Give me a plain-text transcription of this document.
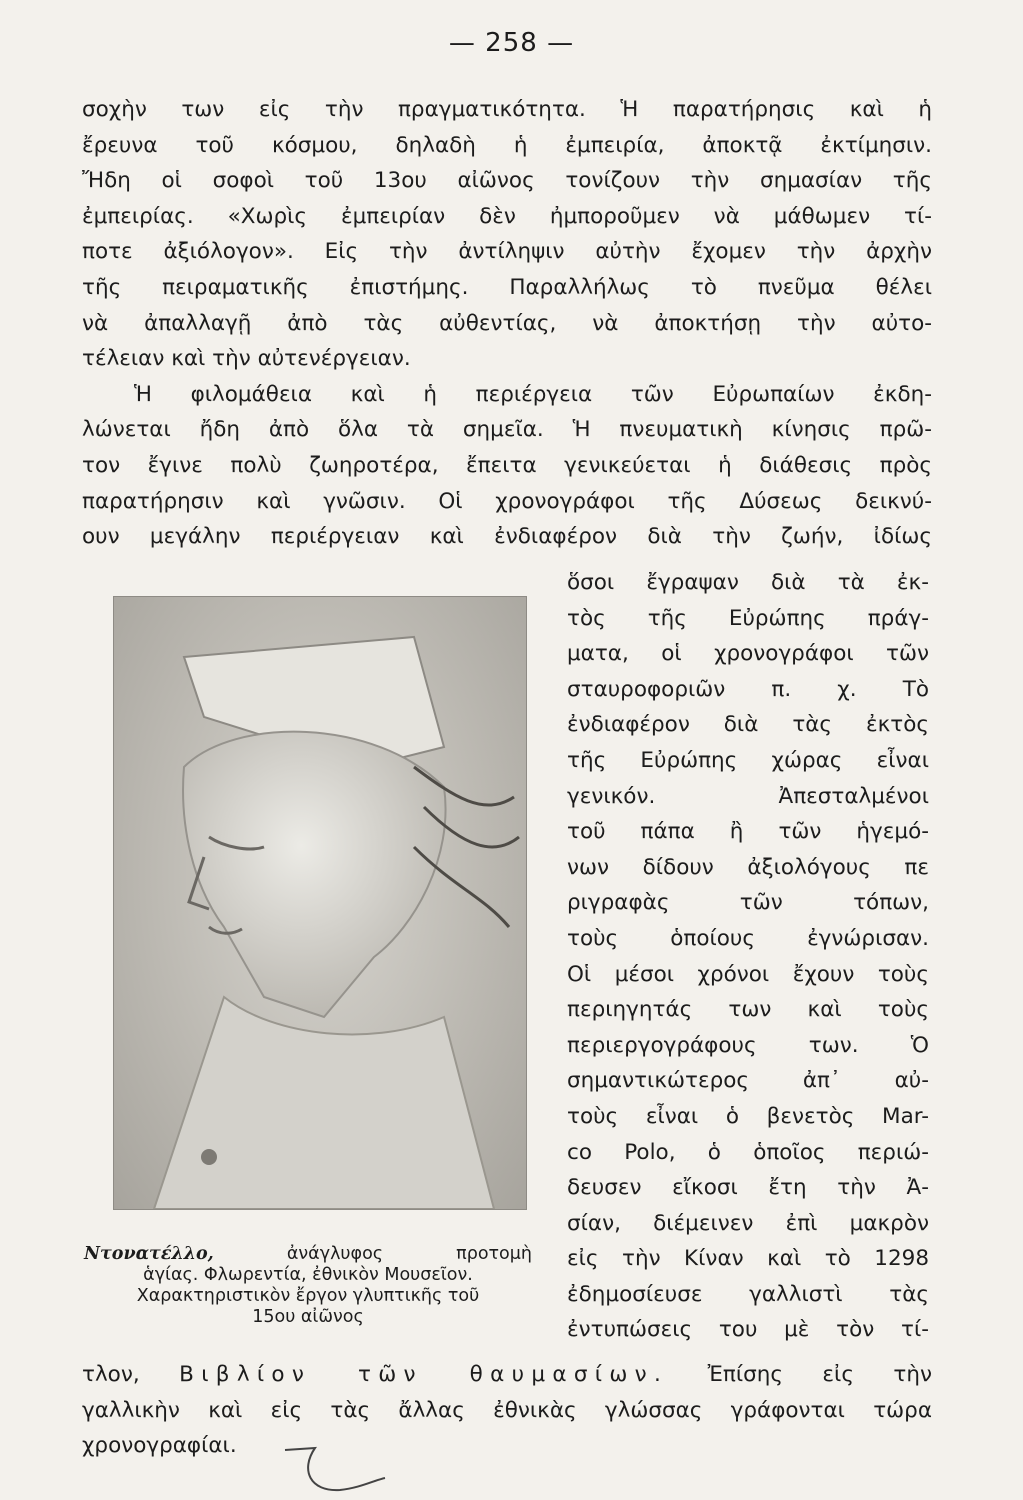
— 258 —
σοχὴν των εἰς τὴν πραγματικότητα. Ἡ παρατήρησις καὶ ἡ
ἔρευνα τοῦ κόσμου, δηλαδὴ ἡ ἐμπειρία, ἀποκτᾷ ἐκτίμησιν.
Ἤδη οἱ σοφοὶ τοῦ 13ου αἰῶνος τονίζουν τὴν σημασίαν τῆς
ἐμπειρίας. «Χωρὶς ἐμπειρίαν δὲν ἠμποροῦμεν νὰ μάθωμεν τί-
ποτε ἀξιόλογον». Εἰς τὴν ἀντίληψιν αὐτὴν ἔχομεν τὴν ἀρχὴν
τῆς πειραματικῆς ἐπιστήμης. Παραλλήλως τὸ πνεῦμα θέλει
νὰ ἀπαλλαγῇ ἀπὸ τὰς αὐθεντίας, νὰ ἀποκτήσῃ τὴν αὐτο-
τέλειαν καὶ τὴν αὐτενέργειαν.
Ἡ φιλομάθεια καὶ ἡ περιέργεια τῶν Εὐρωπαίων ἐκδη-
λώνεται ἤδη ἀπὸ ὅλα τὰ σημεῖα. Ἡ πνευματικὴ κίνησις πρῶ-
τον ἔγινε πολὺ ζωηροτέρα, ἔπειτα γενικεύεται ἡ διάθεσις πρὸς
παρατήρησιν καὶ γνῶσιν. Οἱ χρονογράφοι τῆς Δύσεως δεικνύ-
ουν μεγάλην περιέργειαν καὶ ἐνδιαφέρον διὰ τὴν ζωήν, ἰδίως
ὅσοι ἔγραψαν διὰ τὰ ἐκ-
τὸς τῆς Εὐρώπης πράγ-
ματα, οἱ χρονογράφοι τῶν
σταυροφοριῶν π. χ. Τὸ
ἐνδιαφέρον διὰ τὰς ἐκτὸς
τῆς Εὐρώπης χώρας εἶναι
γενικόν. Ἀπεσταλμένοι
τοῦ πάπα ἢ τῶν ἡγεμό-
νων δίδουν ἀξιολόγους πε
ριγραφὰς τῶν τόπων,
τοὺς ὁποίους ἐγνώρισαν.
Οἱ μέσοι χρόνοι ἔχουν τοὺς
περιηγητάς των καὶ τοὺς
περιεργογράφους των. Ὁ
σημαντικώτερος ἀπ᾽ αὐ-
τοὺς εἶναι ὁ βενετὸς Mar-
co Polo, ὁ ὁποῖος περιώ-
δευσεν εἴκοσι ἔτη τὴν Ἀ-
σίαν, διέμεινεν ἐπὶ μακρὸν
εἰς τὴν Κίναν καὶ τὸ 1298
ἐδημοσίευσε γαλλιστὶ τὰς
ἐντυπώσεις του μὲ τὸν τί-
Ντονατέλλο,	ἀνάγλυφος προτομὴ
ἁγίας. Φλωρεντία, ἐθνικὸν Μουσεῖον.
Χαρακτηριστικὸν ἔργον γλυπτικῆς τοῦ
15ου αἰῶνος
τλον, Βιβλίον τῶν θαυμασίων. Ἐπίσης εἰς τὴν
γαλλικὴν καὶ εἰς τὰς ἄλλας ἐθνικὰς γλώσσας γράφονται τώρα
χρονογραφίαι.
